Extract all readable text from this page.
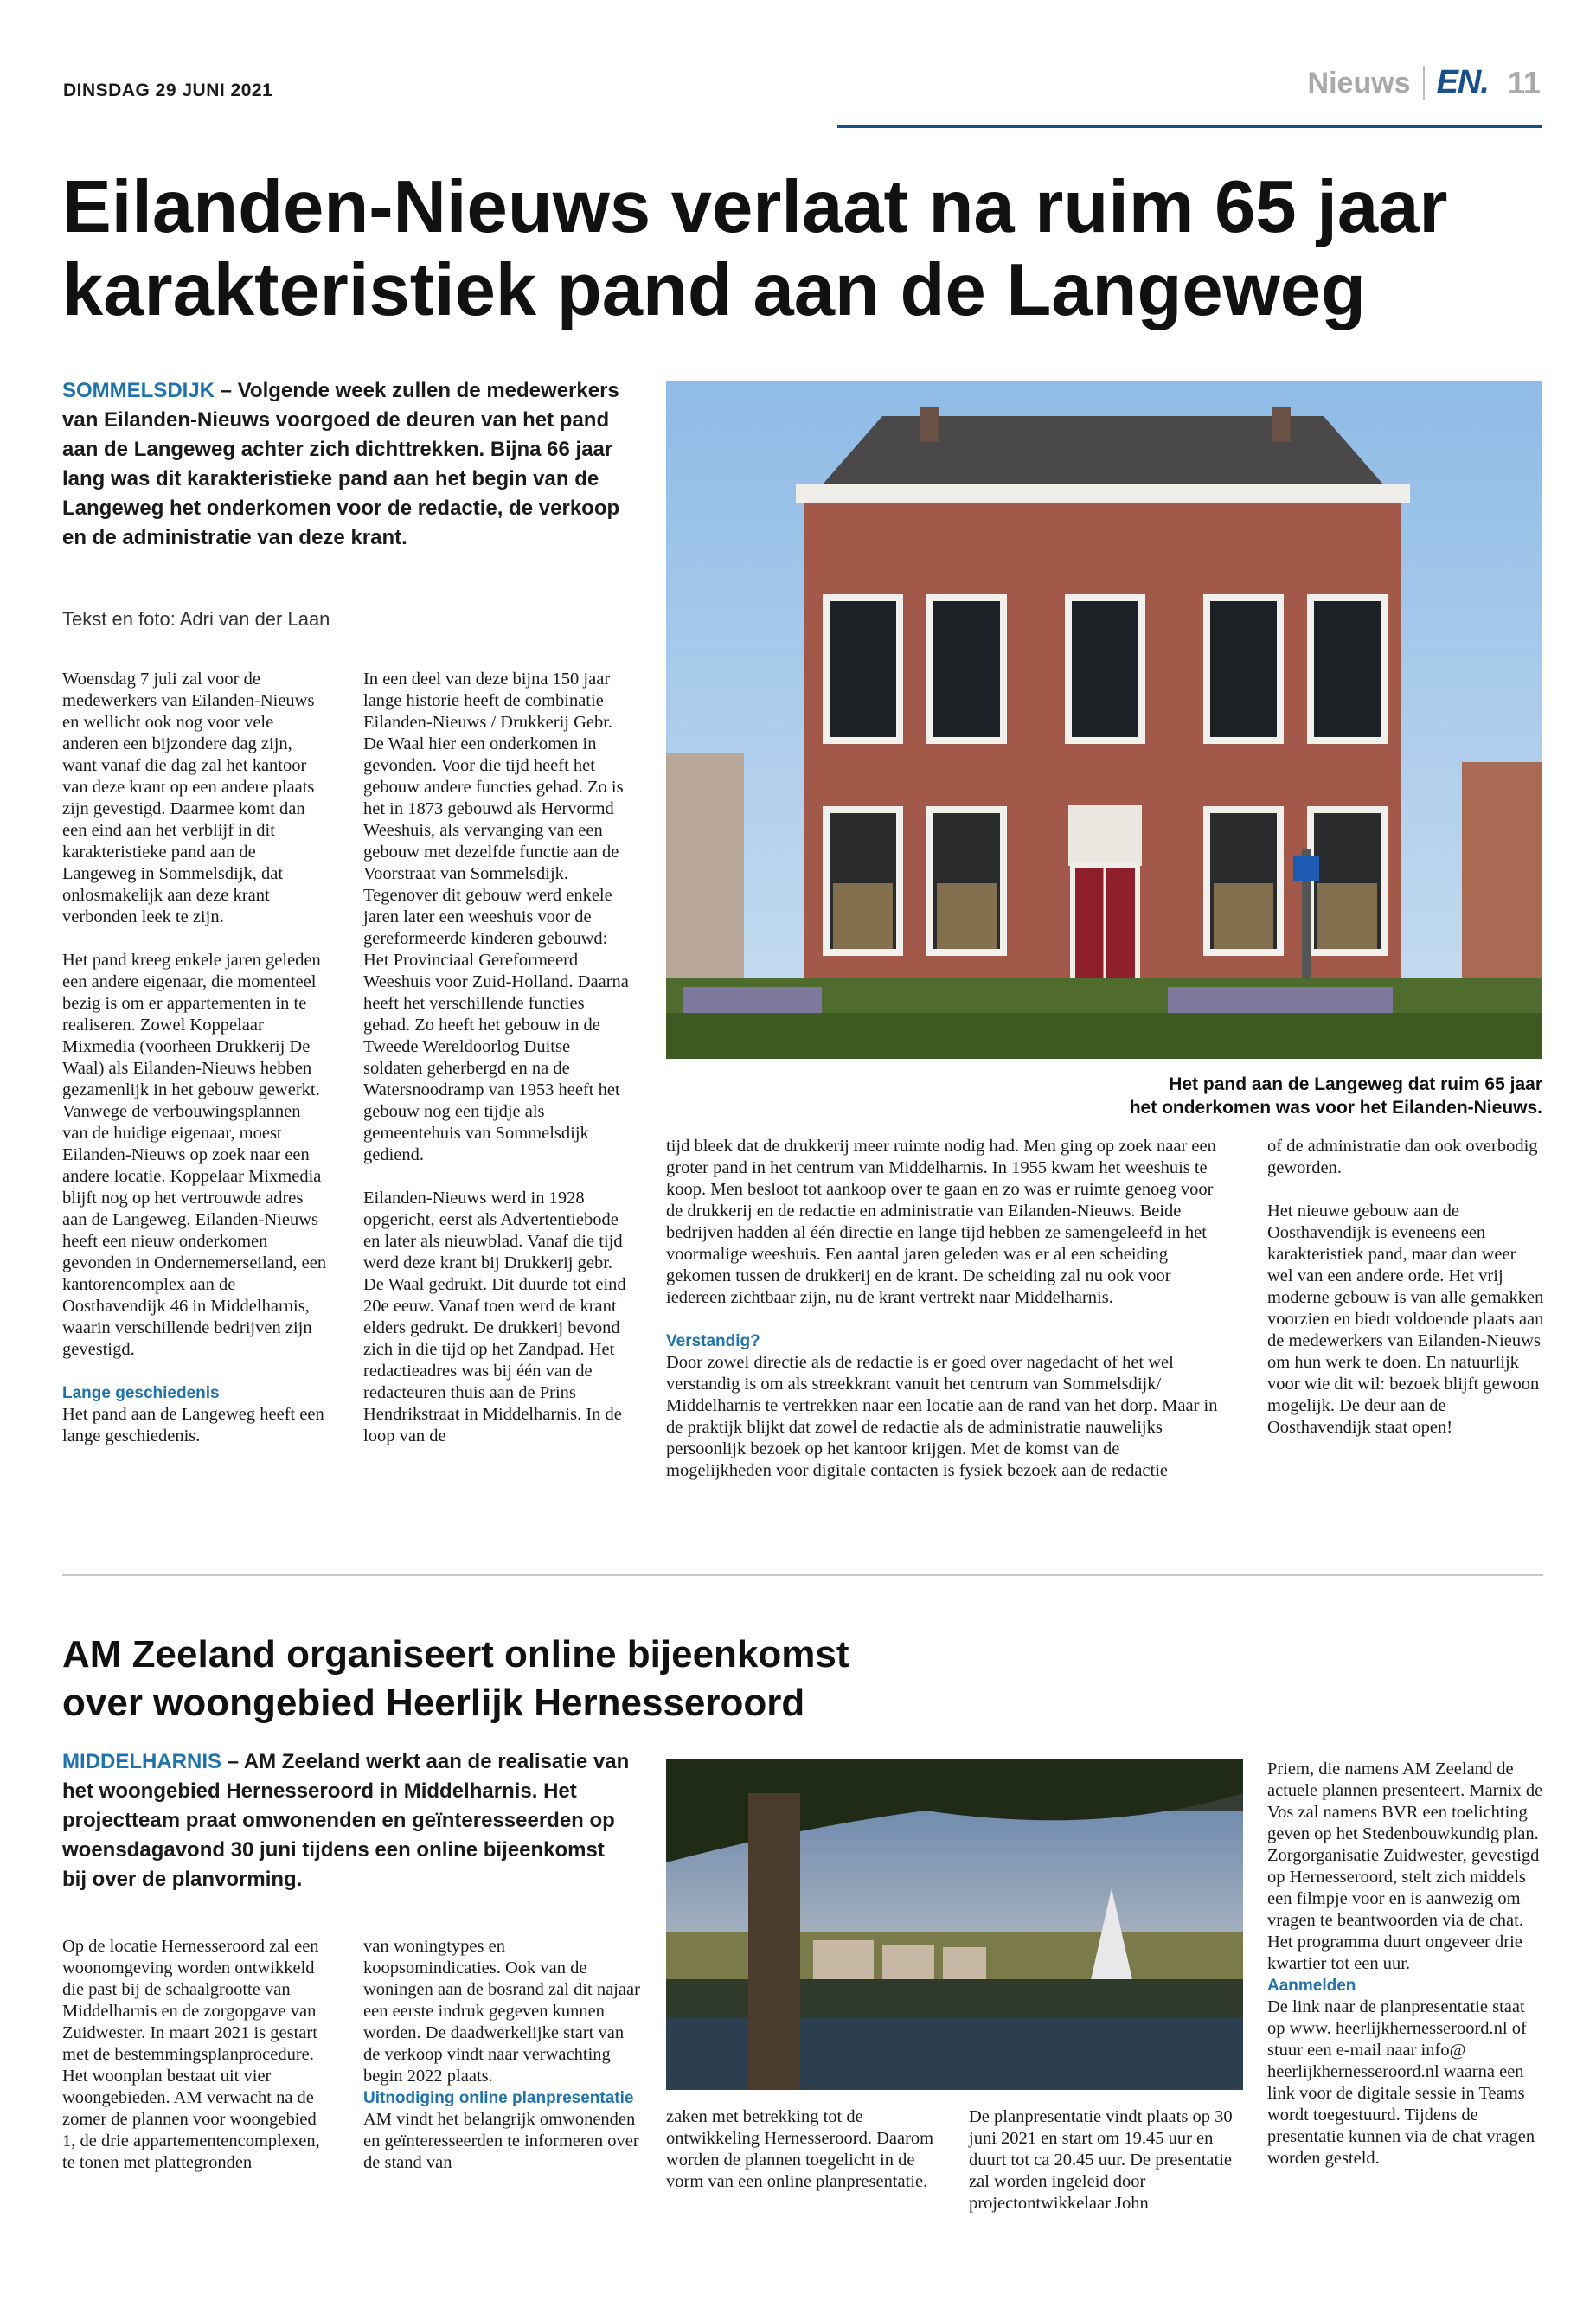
DINSDAG 29 JUNI 2021	Nieuws EN. 11
Eilanden-Nieuws verlaat na ruim 65 jaar
karakteristiek pand aan de Langeweg
SOMMELSDIJK – Volgende week zullen de medewerkers van Eilanden-Nieuws voorgoed de deuren van het pand aan de Langeweg achter zich dichttrekken. Bijna 66 jaar lang was dit karakteristieke pand aan het begin van de Langeweg het onderkomen voor de redactie, de verkoop en de administratie van deze krant.
Tekst en foto: Adri van der Laan
Het pand aan de Langeweg dat ruim 65 jaar
het onderkomen was voor het Eilanden-Nieuws.

Woensdag 7 juli zal voor de medewerkers van Eilanden-Nieuws en wellicht ook nog voor vele anderen een bijzondere dag zijn, want vanaf die dag zal het kantoor van deze krant op een andere plaats zijn gevestigd. Daarmee komt dan een eind aan het verblijf in dit karakteristieke pand aan de Langeweg in Sommelsdijk, dat onlosmakelijk aan deze krant verbonden leek te zijn.

Het pand kreeg enkele jaren geleden een andere eigenaar, die momenteel bezig is om er appartementen in te realiseren. Zowel Koppelaar Mixmedia (voorheen Drukkerij De Waal) als Eilanden-Nieuws hebben gezamenlijk in het gebouw gewerkt. Vanwege de verbouwingsplannen van de huidige eigenaar, moest Eilanden-Nieuws op zoek naar een andere locatie. Koppelaar Mixmedia blijft nog op het vertrouwde adres aan de Langeweg. Eilanden-Nieuws heeft een nieuw onderkomen gevonden in Ondernemerseiland, een kantorencomplex aan de Oosthavendijk 46 in Middelharnis, waarin verschillende bedrijven zijn gevestigd.

Lange geschiedenis
Het pand aan de Langeweg heeft een lange geschiedenis.

In een deel van deze bijna 150 jaar lange historie heeft de combinatie Eilanden-Nieuws / Drukkerij Gebr. De Waal hier een onderkomen in gevonden. Voor die tijd heeft het gebouw andere functies gehad. Zo is het in 1873 gebouwd als Hervormd Weeshuis, als vervanging van een gebouw met dezelfde functie aan de Voorstraat van Sommelsdijk. Tegenover dit gebouw werd enkele jaren later een weeshuis voor de gereformeerde kinderen gebouwd: Het Provinciaal Gereformeerd Weeshuis voor Zuid-Holland. Daarna heeft het verschillende functies gehad. Zo heeft het gebouw in de Tweede Wereldoorlog Duitse soldaten geherbergd en na de Watersnoodramp van 1953 heeft het gebouw nog een tijdje als gemeentehuis van Sommelsdijk gediend.

Eilanden-Nieuws werd in 1928 opgericht, eerst als Advertentiebode en later als nieuwblad. Vanaf die tijd werd deze krant bij Drukkerij gebr. De Waal gedrukt. Dit duurde tot eind 20e eeuw. Vanaf toen werd de krant elders gedrukt. De drukkerij bevond zich in die tijd op het Zandpad. Het redactieadres was bij één van de redacteuren thuis aan de Prins Hendrikstraat in Middelharnis. In de loop van de

tijd bleek dat de drukkerij meer ruimte nodig had. Men ging op zoek naar een groter pand in het centrum van Middelharnis. In 1955 kwam het weeshuis te koop. Men besloot tot aankoop over te gaan en zo was er ruimte genoeg voor de drukkerij en de redactie en administratie van Eilanden-Nieuws. Beide bedrijven hadden al één directie en lange tijd hebben ze samengeleefd in het voormalige weeshuis. Een aantal jaren geleden was er al een scheiding gekomen tussen de drukkerij en de krant. De scheiding zal nu ook voor iedereen zichtbaar zijn, nu de krant vertrekt naar Middelharnis.

Verstandig?
Door zowel directie als de redactie is er goed over nagedacht of het wel verstandig is om als streekkrant vanuit het centrum van Sommelsdijk/ Middelharnis te vertrekken naar een locatie aan de rand van het dorp. Maar in de praktijk blijkt dat zowel de redactie als de administratie nauwelijks persoonlijk bezoek op het kantoor krijgen. Met de komst van de mogelijkheden voor digitale contacten is fysiek bezoek aan de redactie

of de administratie dan ook overbodig geworden.

Het nieuwe gebouw aan de Oosthavendijk is eveneens een karakteristiek pand, maar dan weer wel van een andere orde. Het vrij moderne gebouw is van alle gemakken voorzien en biedt voldoende plaats aan de medewerkers van Eilanden-Nieuws om hun werk te doen. En natuurlijk voor wie dit wil: bezoek blijft gewoon mogelijk. De deur aan de Oosthavendijk staat open!

AM Zeeland organiseert online bijeenkomst
over woongebied Heerlijk Hernesseroord
MIDDELHARNIS – AM Zeeland werkt aan de realisatie van het woongebied Hernesseroord in Middelharnis. Het projectteam praat omwonenden en geïnteresseerden op woensdagavond 30 juni tijdens een online bijeenkomst bij over de planvorming.

Op de locatie Hernesseroord zal een woonomgeving worden ontwikkeld die past bij de schaalgrootte van Middelharnis en de zorgopgave van Zuidwester. In maart 2021 is gestart met de bestemmingsplanprocedure. Het woonplan bestaat uit vier woongebieden. AM verwacht na de zomer de plannen voor woongebied 1, de drie appartementencomplexen, te tonen met plattegronden

van woningtypes en koopsomindicaties. Ook van de woningen aan de bosrand zal dit najaar een eerste indruk gegeven kunnen worden. De daadwerkelijke start van de verkoop vindt naar verwachting begin 2022 plaats.

Uitnodiging online planpresentatie
AM vindt het belangrijk omwonenden en geïnteresseerden te informeren over de stand van

zaken met betrekking tot de ontwikkeling Hernesseroord. Daarom worden de plannen toegelicht in de vorm van een online planpresentatie.

De planpresentatie vindt plaats op 30 juni 2021 en start om 19.45 uur en duurt tot ca 20.45 uur. De presentatie zal worden ingeleid door projectontwikkelaar John

Priem, die namens AM Zeeland de actuele plannen presenteert. Marnix de Vos zal namens BVR een toelichting geven op het Stedenbouwkundig plan. Zorgorganisatie Zuidwester, gevestigd op Hernesseroord, stelt zich middels een filmpje voor en is aanwezig om vragen te beantwoorden via de chat. Het programma duurt ongeveer drie kwartier tot een uur.

Aanmelden
De link naar de planpresentatie staat op www. heerlijkhernesseroord.nl of stuur een e-mail naar info@ heerlijkhernesseroord.nl waarna een link voor de digitale sessie in Teams wordt toegestuurd. Tijdens de presentatie kunnen via de chat vragen worden gesteld.
